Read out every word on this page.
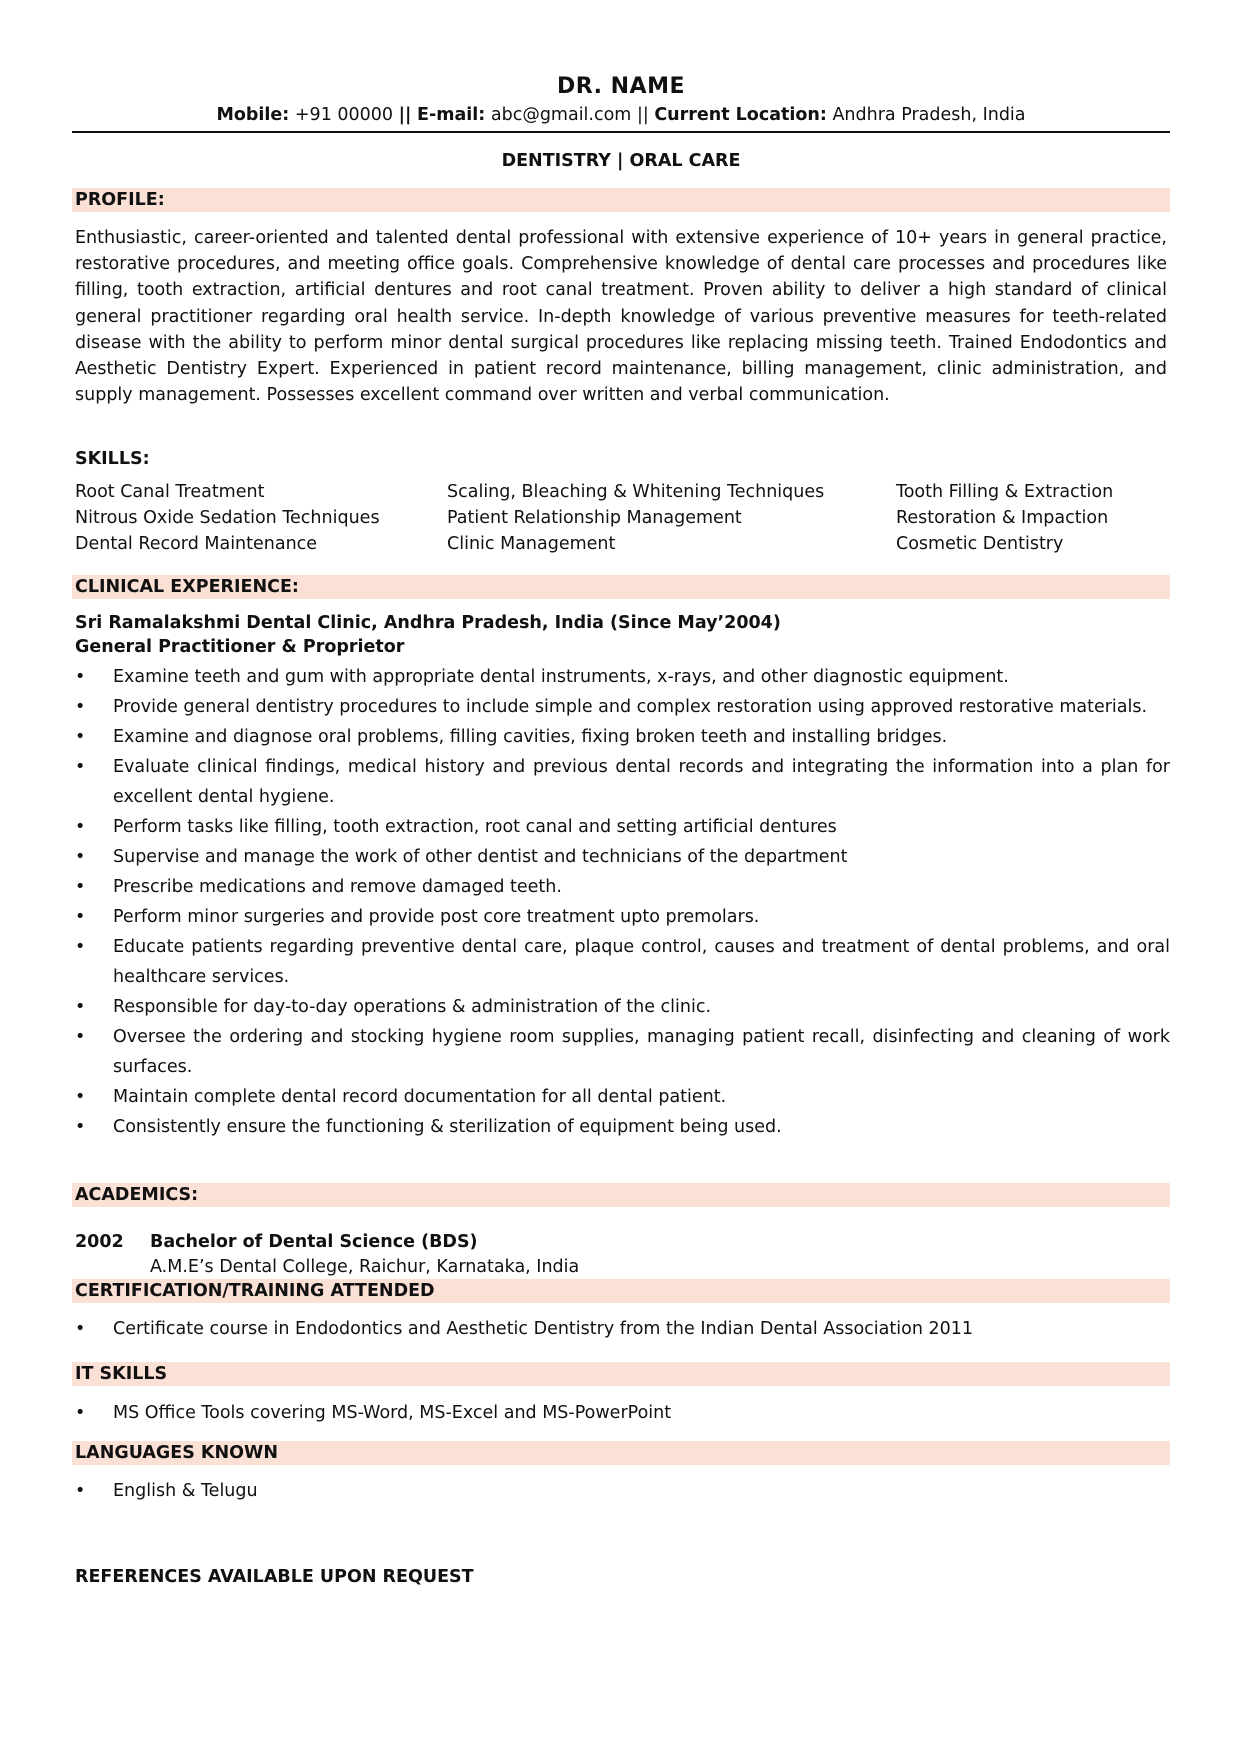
DR. NAME
Mobile: +91 00000 || E-mail: abc@gmail.com || Current Location: Andhra Pradesh, India
DENTISTRY | ORAL CARE
PROFILE:

Enthusiastic, career-oriented and talented dental professional with extensive experience of 10+ years in general practice, restorative procedures, and meeting office goals. Comprehensive knowledge of dental care processes and procedures like filling, tooth extraction, artificial dentures and root canal treatment. Proven ability to deliver a high standard of clinical general practitioner regarding oral health service. In-depth knowledge of various preventive measures for teeth-related disease with the ability to perform minor dental surgical procedures like replacing missing teeth. Trained Endodontics and Aesthetic Dentistry Expert. Experienced in patient record maintenance, billing management, clinic administration, and supply management. Possesses excellent command over written and verbal communication.

SKILLS:
Root Canal Treatment	Scaling, Bleaching & Whitening Techniques	Tooth Filling & Extraction
Nitrous Oxide Sedation Techniques	Patient Relationship Management	Restoration & Impaction
Dental Record Maintenance	Clinic Management	Cosmetic Dentistry
CLINICAL EXPERIENCE:
Sri Ramalakshmi Dental Clinic, Andhra Pradesh, India (Since May’2004)
General Practitioner & Proprietor
• Examine teeth and gum with appropriate dental instruments, x-rays, and other diagnostic equipment.
• Provide general dentistry procedures to include simple and complex restoration using approved restorative materials.
• Examine and diagnose oral problems, filling cavities, fixing broken teeth and installing bridges.
• Evaluate clinical findings, medical history and previous dental records and integrating the information into a plan for excellent dental hygiene.
• Perform tasks like filling, tooth extraction, root canal and setting artificial dentures
• Supervise and manage the work of other dentist and technicians of the department
• Prescribe medications and remove damaged teeth.
• Perform minor surgeries and provide post core treatment upto premolars.
• Educate patients regarding preventive dental care, plaque control, causes and treatment of dental problems, and oral healthcare services.
• Responsible for day-to-day operations & administration of the clinic.
• Oversee the ordering and stocking hygiene room supplies, managing patient recall, disinfecting and cleaning of work surfaces.
• Maintain complete dental record documentation for all dental patient.
• Consistently ensure the functioning & sterilization of equipment being used.
ACADEMICS:
2002 Bachelor of Dental Science (BDS)
A.M.E’s Dental College, Raichur, Karnataka, India
CERTIFICATION/TRAINING ATTENDED
• Certificate course in Endodontics and Aesthetic Dentistry from the Indian Dental Association 2011
IT SKILLS
• MS Office Tools covering MS-Word, MS-Excel and MS-PowerPoint
LANGUAGES KNOWN
• English & Telugu
REFERENCES AVAILABLE UPON REQUEST
